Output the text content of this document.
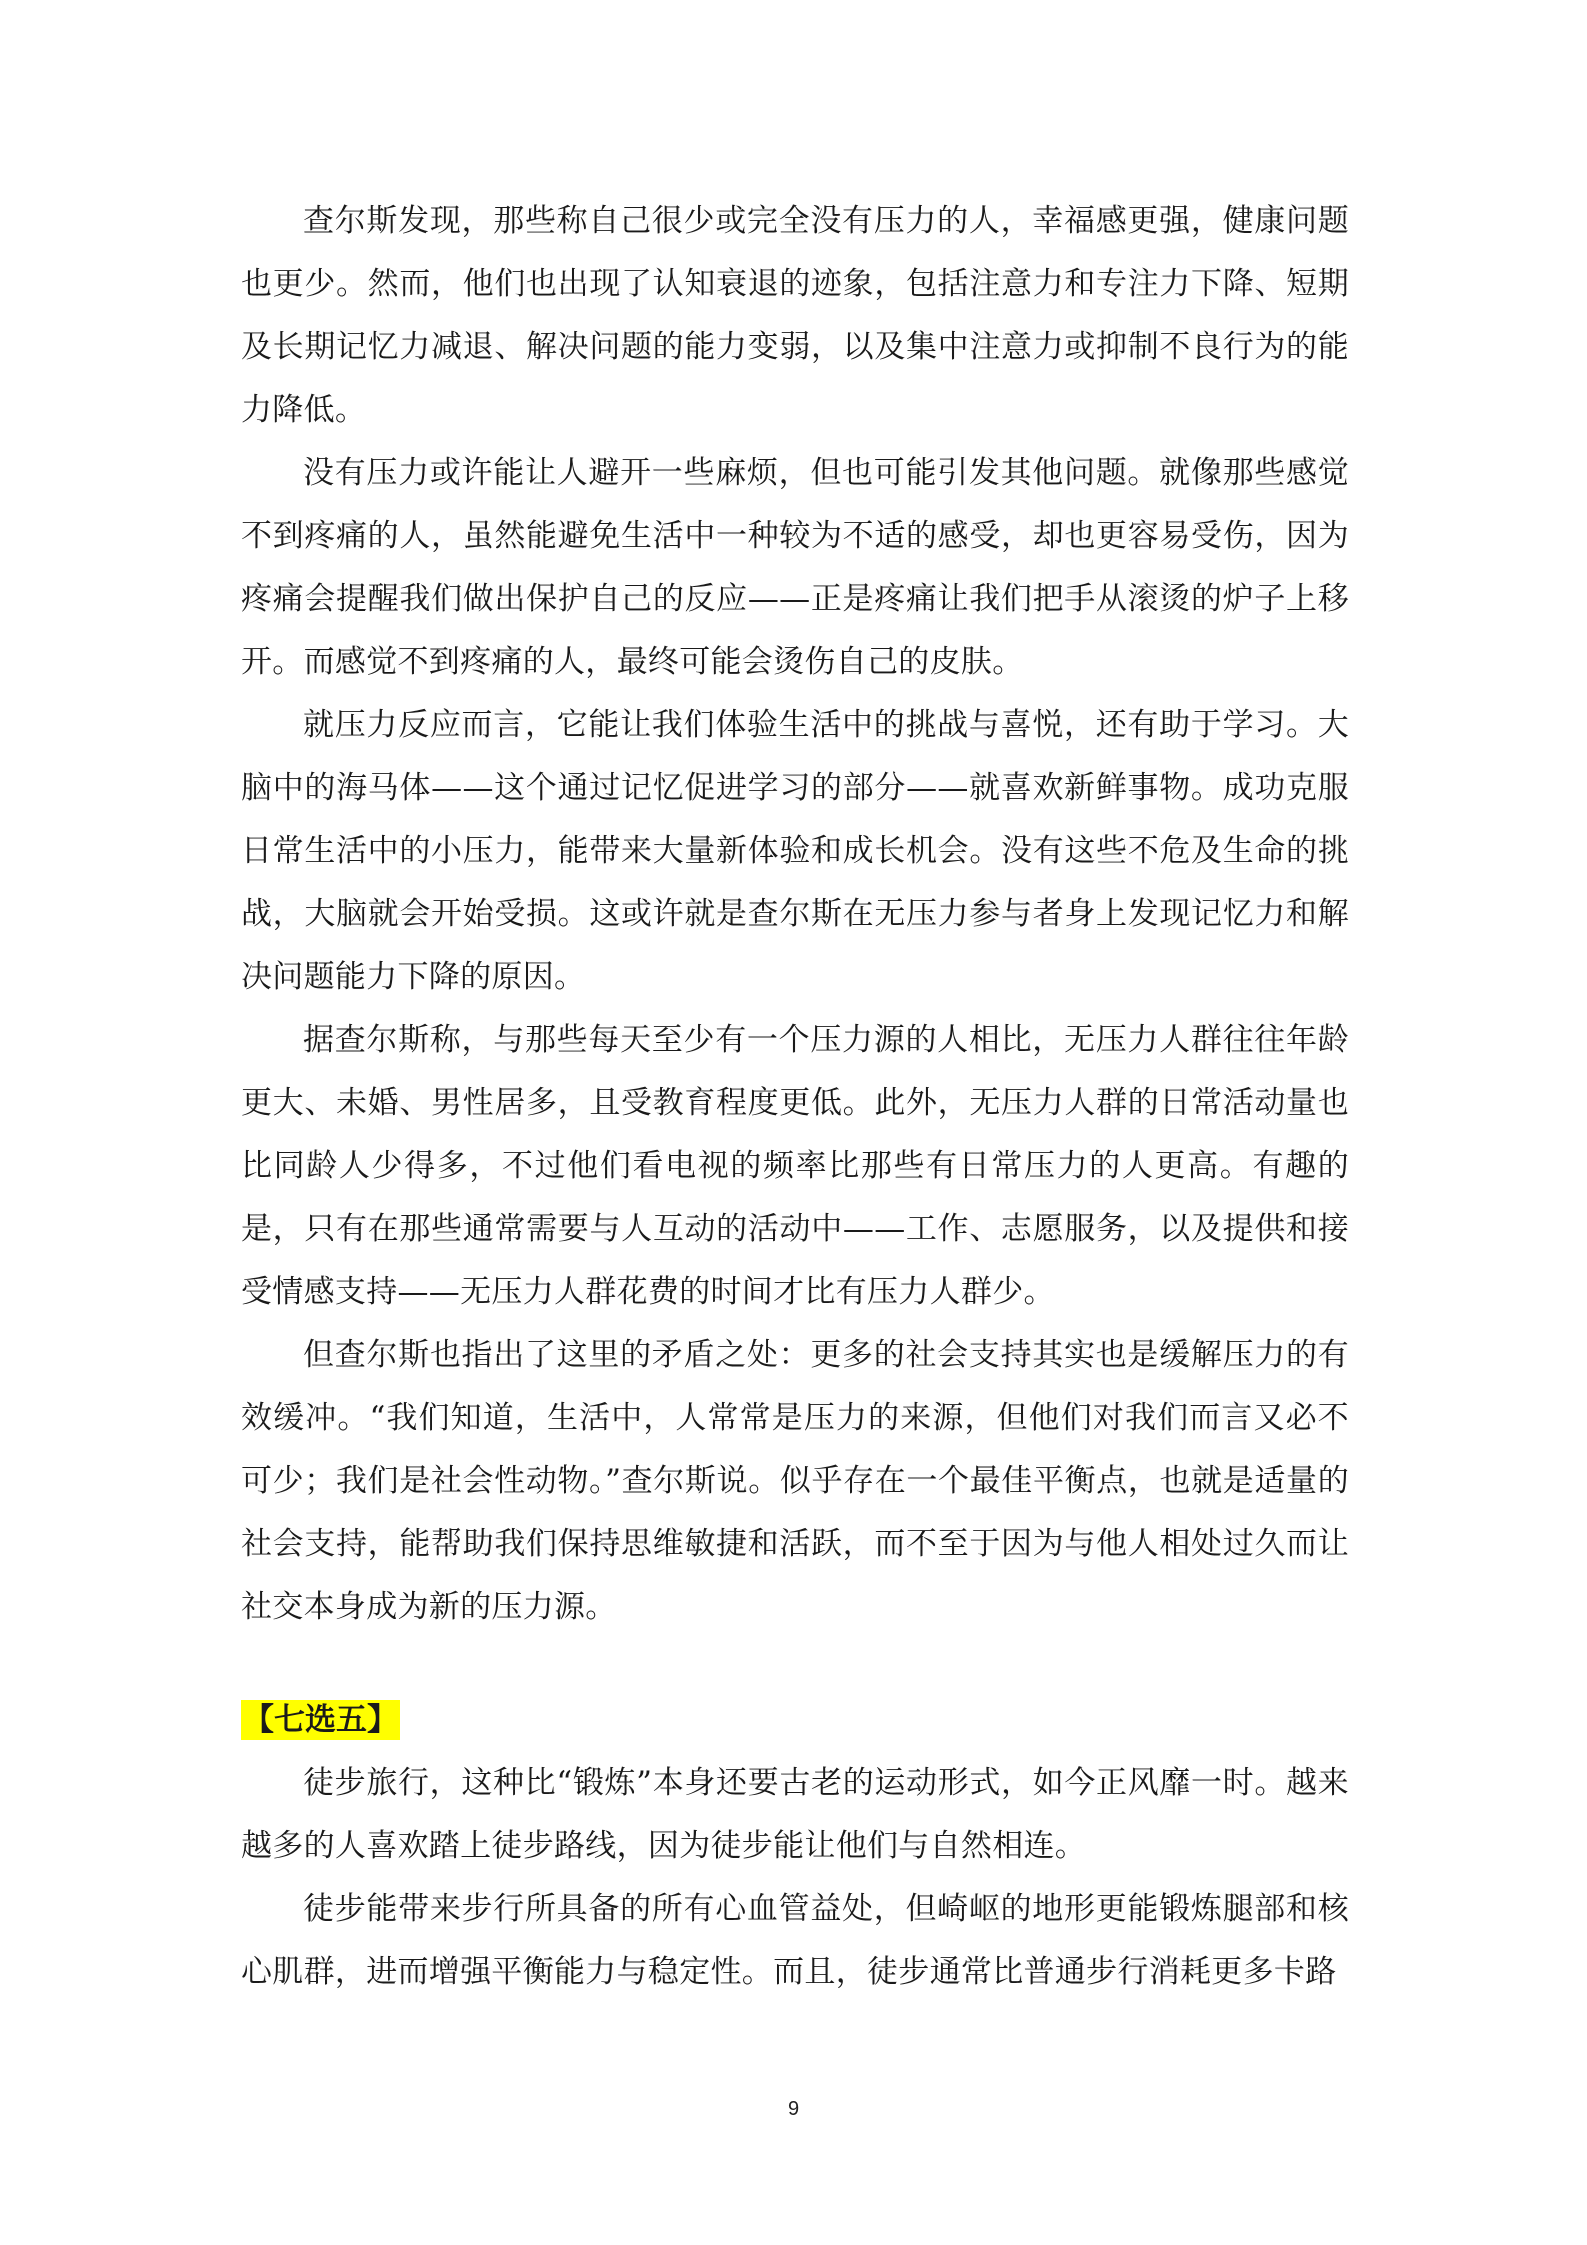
查尔斯发现，那些称自己很少或完全没有压力的人，幸福感更强，健康问题也更少。然而，他们也出现了认知衰退的迹象，包括注意力和专注力下降、短期及长期记忆力减退、解决问题的能力变弱，以及集中注意力或抑制不良行为的能力降低。

没有压力或许能让人避开一些麻烦，但也可能引发其他问题。就像那些感觉不到疼痛的人，虽然能避免生活中一种较为不适的感受，却也更容易受伤，因为疼痛会提醒我们做出保护自己的反应——正是疼痛让我们把手从滚烫的炉子上移开。而感觉不到疼痛的人，最终可能会烫伤自己的皮肤。

就压力反应而言，它能让我们体验生活中的挑战与喜悦，还有助于学习。大脑中的海马体——这个通过记忆促进学习的部分——就喜欢新鲜事物。成功克服日常生活中的小压力，能带来大量新体验和成长机会。没有这些不危及生命的挑战，大脑就会开始受损。这或许就是查尔斯在无压力参与者身上发现记忆力和解决问题能力下降的原因。

据查尔斯称，与那些每天至少有一个压力源的人相比，无压力人群往往年龄更大、未婚、男性居多，且受教育程度更低。此外，无压力人群的日常活动量也比同龄人少得多，不过他们看电视的频率比那些有日常压力的人更高。有趣的是，只有在那些通常需要与人互动的活动中——工作、志愿服务，以及提供和接受情感支持——无压力人群花费的时间才比有压力人群少。

但查尔斯也指出了这里的矛盾之处：更多的社会支持其实也是缓解压力的有效缓冲。“我们知道，生活中，人常常是压力的来源，但他们对我们而言又必不可少；我们是社会性动物。”查尔斯说。似乎存在一个最佳平衡点，也就是适量的社会支持，能帮助我们保持思维敏捷和活跃，而不至于因为与他人相处过久而让社交本身成为新的压力源。

【七选五】

徒步旅行，这种比“锻炼”本身还要古老的运动形式，如今正风靡一时。越来越多的人喜欢踏上徒步路线，因为徒步能让他们与自然相连。

徒步能带来步行所具备的所有心血管益处，但崎岖的地形更能锻炼腿部和核心肌群，进而增强平衡能力与稳定性。而且，徒步通常比普通步行消耗更多卡路

9
